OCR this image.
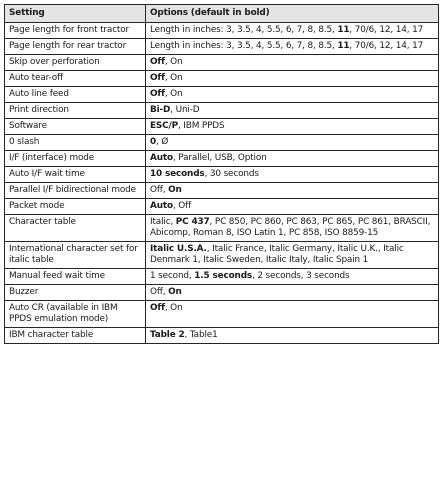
Setting	Options (default in bold)
Page length for front tractor	Length in inches: 3, 3.5, 4, 5.5, 6, 7, 8, 8.5, 11, 70/6, 12, 14, 17
Page length for rear tractor	Length in inches: 3, 3.5, 4, 5.5, 6, 7, 8, 8.5, 11, 70/6, 12, 14, 17
Skip over perforation	Off, On
Auto tear-off	Off, On
Auto line feed	Off, On
Print direction	Bi-D, Uni-D
Software	ESC/P, IBM PPDS
0 slash	0, Ø
I/F (interface) mode	Auto, Parallel, USB, Option
Auto I/F wait time	10 seconds, 30 seconds
Parallel I/F bidirectional mode	Off, On
Packet mode	Auto, Off
Character table	Italic, PC 437, PC 850, PC 860, PC 863, PC 865, PC 861, BRASCII, Abicomp, Roman 8, ISO Latin 1, PC 858, ISO 8859-15
International character set for italic table	Italic U.S.A., Italic France, Italic Germany, Italic U.K., Italic Denmark 1, Italic Sweden, Italic Italy, Italic Spain 1
Manual feed wait time	1 second, 1.5 seconds, 2 seconds, 3 seconds
Buzzer	Off, On
Auto CR (available in IBM PPDS emulation mode)	Off, On
IBM character table	Table 2, Table1
